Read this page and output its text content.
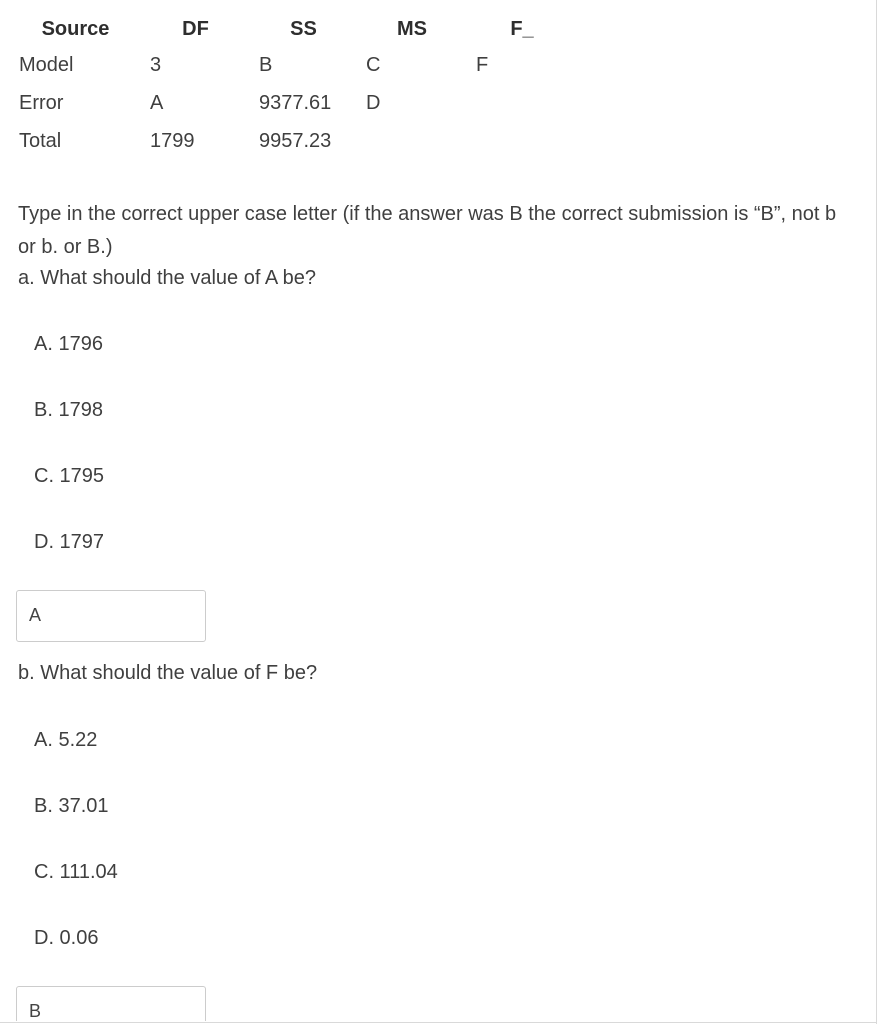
Source	DF	SS	MS	F_
Model	3	B	C	F
Error	A	9377.61	D	
Total	1799	9957.23		

Type in the correct upper case letter (if the answer was B the correct submission is “B”, not b or b. or B.)

a. What should the value of A be?

A. 1796
B. 1798
C. 1795
D. 1797
A

b. What should the value of F be?

A. 5.22
B. 37.01
C. 111.04
D. 0.06
B
